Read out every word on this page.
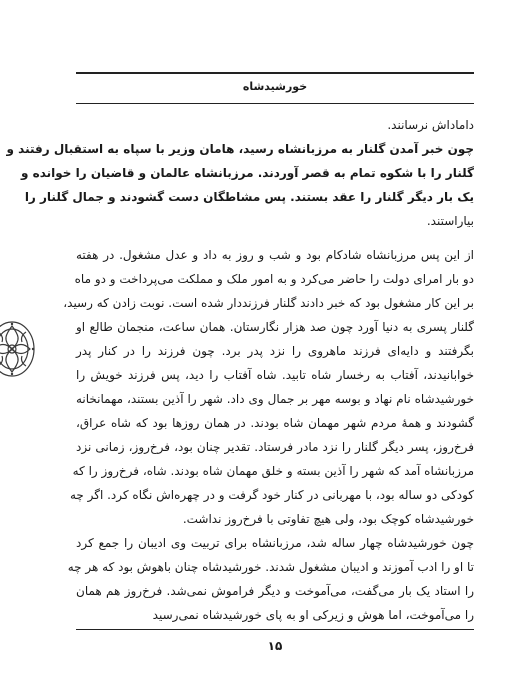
خورشیدشاه
داماداش نرسانند.
چون خبر آمدن گلنار به مرزبانشاه رسید، هامان وزیر با سپاه به استقبال رفتند و
گلنار را با شکوه تمام به قصر آوردند. مرزبانشاه عالمان و قاضیان را خوانده و
یک بار دیگر گلنار را عقد بستند. پس مشاطگان دست گشودند و جمال گلنار را
بیاراستند.
از این پس مرزبانشاه شادکام بود و شب و روز به داد و عدل مشغول. در هفته
دو بار امرای دولت را حاضر می‌کرد و به امور ملک و مملکت می‌پرداخت و دو ماه
بر این کار مشغول بود که خبر دادند گلنار فرزنددار شده است. نوبت زادن که رسید،
گلنار پسری به دنیا آورد چون صد هزار نگارستان. همان ساعت، منجمان طالع او
بگرفتند و دایه‌ای فرزند ماهروی را نزد پدر برد. چون فرزند را در کنار پدر
خوابانیدند، آفتاب به رخسار شاه تابید. شاه آفتاب را دید، پس فرزند خویش را
خورشیدشاه نام نهاد و بوسه مهر بر جمال وی داد. شهر را آذین بستند، مهمانخانه
گشودند و همهٔ مردم شهر مهمان شاه بودند. در همان روزها بود که شاه عراق،
فرخ‌روز، پسر دیگر گلنار را نزد مادر فرستاد. تقدیر چنان بود، فرخ‌روز، زمانی نزد
مرزبانشاه آمد که شهر را آذین بسته و خلق مهمان شاه بودند. شاه، فرخ‌روز را که
کودکی دو ساله بود، با مهربانی در کنار خود گرفت و در چهره‌اش نگاه کرد. اگر چه
خورشیدشاه کوچک بود، ولی هیچ تفاوتی با فرخ‌روز نداشت.
چون خورشیدشاه چهار ساله شد، مرزبانشاه برای تربیت وی ادیبان را جمع کرد
تا او را ادب آموزند و ادیبان مشغول شدند. خورشیدشاه چنان باهوش بود که هر چه
را استاد یک بار می‌گفت، می‌آموخت و دیگر فراموش نمی‌شد. فرخ‌روز هم همان
را می‌آموخت، اما هوش و زیرکی او به پای خورشیدشاه نمی‌رسید
۱۵
